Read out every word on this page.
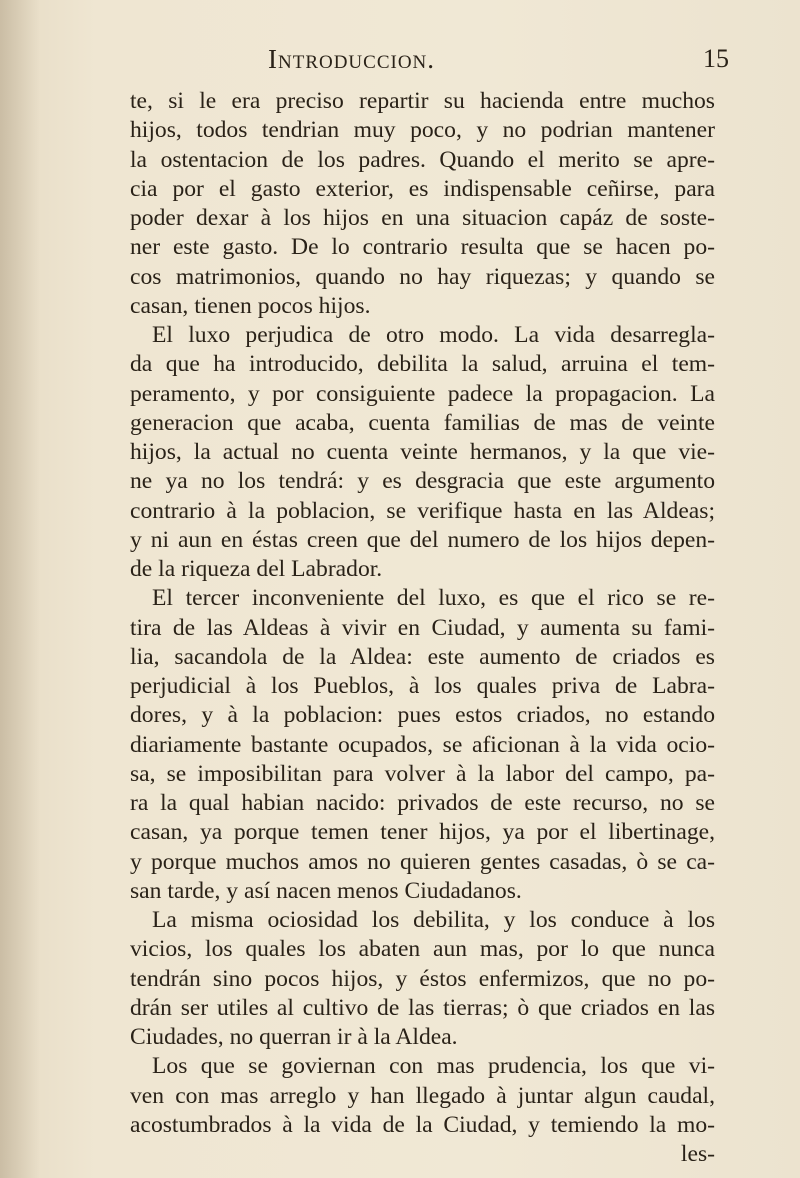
Introduccion.	15
te, si le era preciso repartir su hacienda entre muchos
hijos, todos tendrian muy poco, y no podrian mantener
la ostentacion de los padres. Quando el merito se apre-
cia por el gasto exterior, es indispensable ceñirse, para
poder dexar à los hijos en una situacion capáz de soste-
ner este gasto. De lo contrario resulta que se hacen po-
cos matrimonios, quando no hay riquezas; y quando se
casan, tienen pocos hijos.
El luxo perjudica de otro modo. La vida desarregla-
da que ha introducido, debilita la salud, arruina el tem-
peramento, y por consiguiente padece la propagacion. La
generacion que acaba, cuenta familias de mas de veinte
hijos, la actual no cuenta veinte hermanos, y la que vie-
ne ya no los tendrá: y es desgracia que este argumento
contrario à la poblacion, se verifique hasta en las Aldeas;
y ni aun en éstas creen que del numero de los hijos depen-
de la riqueza del Labrador.
El tercer inconveniente del luxo, es que el rico se re-
tira de las Aldeas à vivir en Ciudad, y aumenta su fami-
lia, sacandola de la Aldea: este aumento de criados es
perjudicial à los Pueblos, à los quales priva de Labra-
dores, y à la poblacion: pues estos criados, no estando
diariamente bastante ocupados, se aficionan à la vida ocio-
sa, se imposibilitan para volver à la labor del campo, pa-
ra la qual habian nacido: privados de este recurso, no se
casan, ya porque temen tener hijos, ya por el libertinage,
y porque muchos amos no quieren gentes casadas, ò se ca-
san tarde, y así nacen menos Ciudadanos.
La misma ociosidad los debilita, y los conduce à los
vicios, los quales los abaten aun mas, por lo que nunca
tendrán sino pocos hijos, y éstos enfermizos, que no po-
drán ser utiles al cultivo de las tierras; ò que criados en las
Ciudades, no querran ir à la Aldea.
Los que se goviernan con mas prudencia, los que vi-
ven con mas arreglo y han llegado à juntar algun caudal,
acostumbrados à la vida de la Ciudad, y temiendo la mo-
les-
